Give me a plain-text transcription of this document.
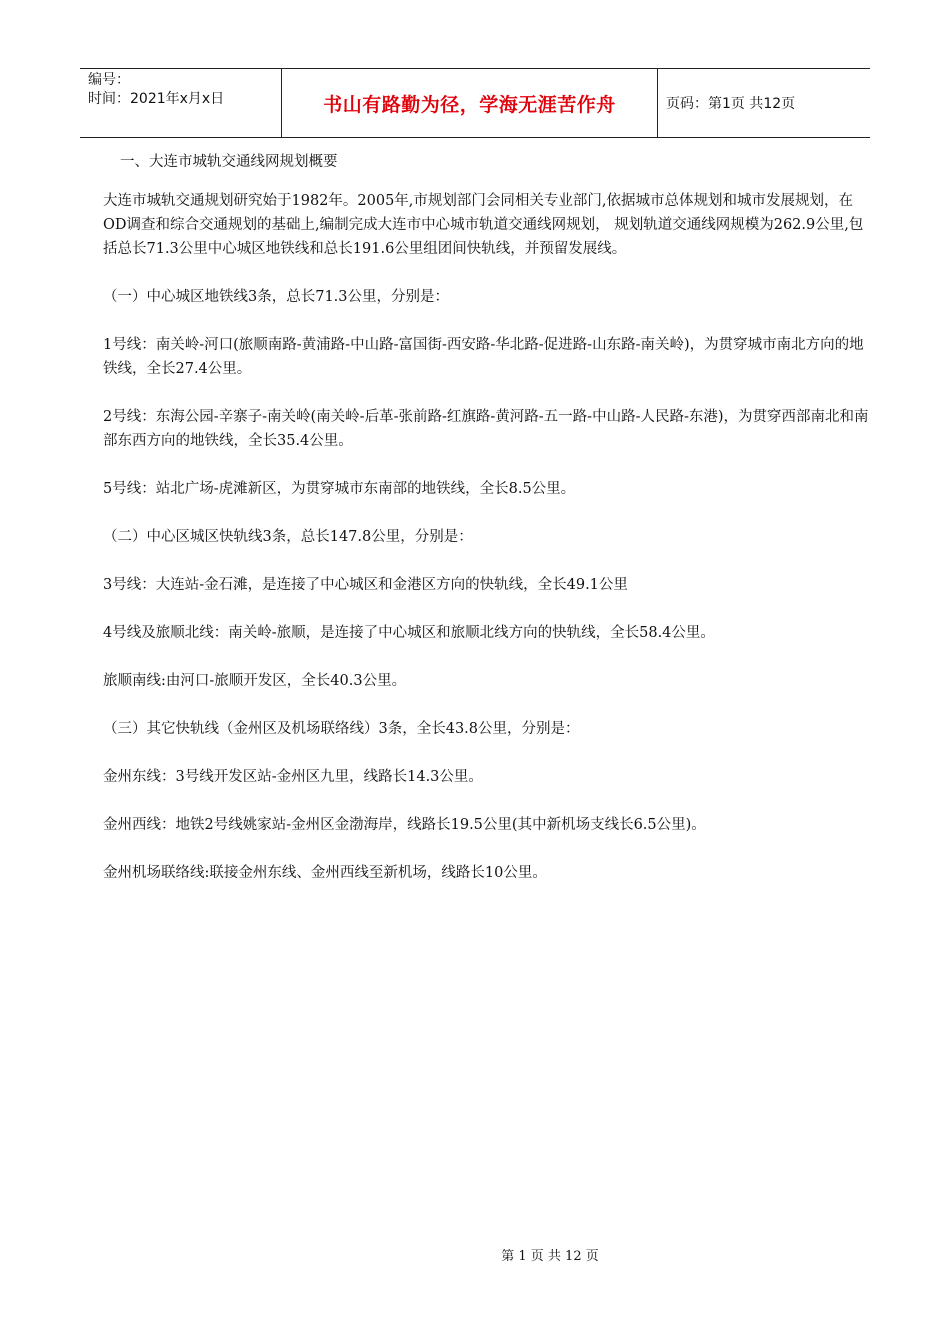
编号：
时间：2021年x月x日	书山有路勤为径，学海无涯苦作舟	页码：第1页 共12页

一、大连市城轨交通线网规划概要

大连市城轨交通规划研究始于1982年。2005年,市规划部门会同相关专业部门,依据城市总体规划和城市发展规划，在OD调查和综合交通规划的基础上,编制完成大连市中心城市轨道交通线网规划， 规划轨道交通线网规模为262.9公里,包括总长71.3公里中心城区地铁线和总长191.6公里组团间快轨线，并预留发展线。

（一）中心城区地铁线3条，总长71.3公里，分别是：

1号线：南关岭-河口(旅顺南路-黄浦路-中山路-富国街-西安路-华北路-促进路-山东路-南关岭)，为贯穿城市南北方向的地铁线，全长27.4公里。

2号线：东海公园-辛寨子-南关岭(南关岭-后革-张前路-红旗路-黄河路-五一路-中山路-人民路-东港)，为贯穿西部南北和南部东西方向的地铁线，全长35.4公里。

5号线：站北广场-虎滩新区，为贯穿城市东南部的地铁线，全长8.5公里。

（二）中心区城区快轨线3条，总长147.8公里，分别是：

3号线：大连站-金石滩，是连接了中心城区和金港区方向的快轨线，全长49.1公里

4号线及旅顺北线：南关岭-旅顺，是连接了中心城区和旅顺北线方向的快轨线，全长58.4公里。

旅顺南线:由河口-旅顺开发区，全长40.3公里。

（三）其它快轨线（金州区及机场联络线）3条，全长43.8公里，分别是：

金州东线：3号线开发区站-金州区九里，线路长14.3公里。

金州西线：地铁2号线姚家站-金州区金渤海岸，线路长19.5公里(其中新机场支线长6.5公里)。

金州机场联络线:联接金州东线、金州西线至新机场，线路长10公里。

第 1 页 共 12 页
